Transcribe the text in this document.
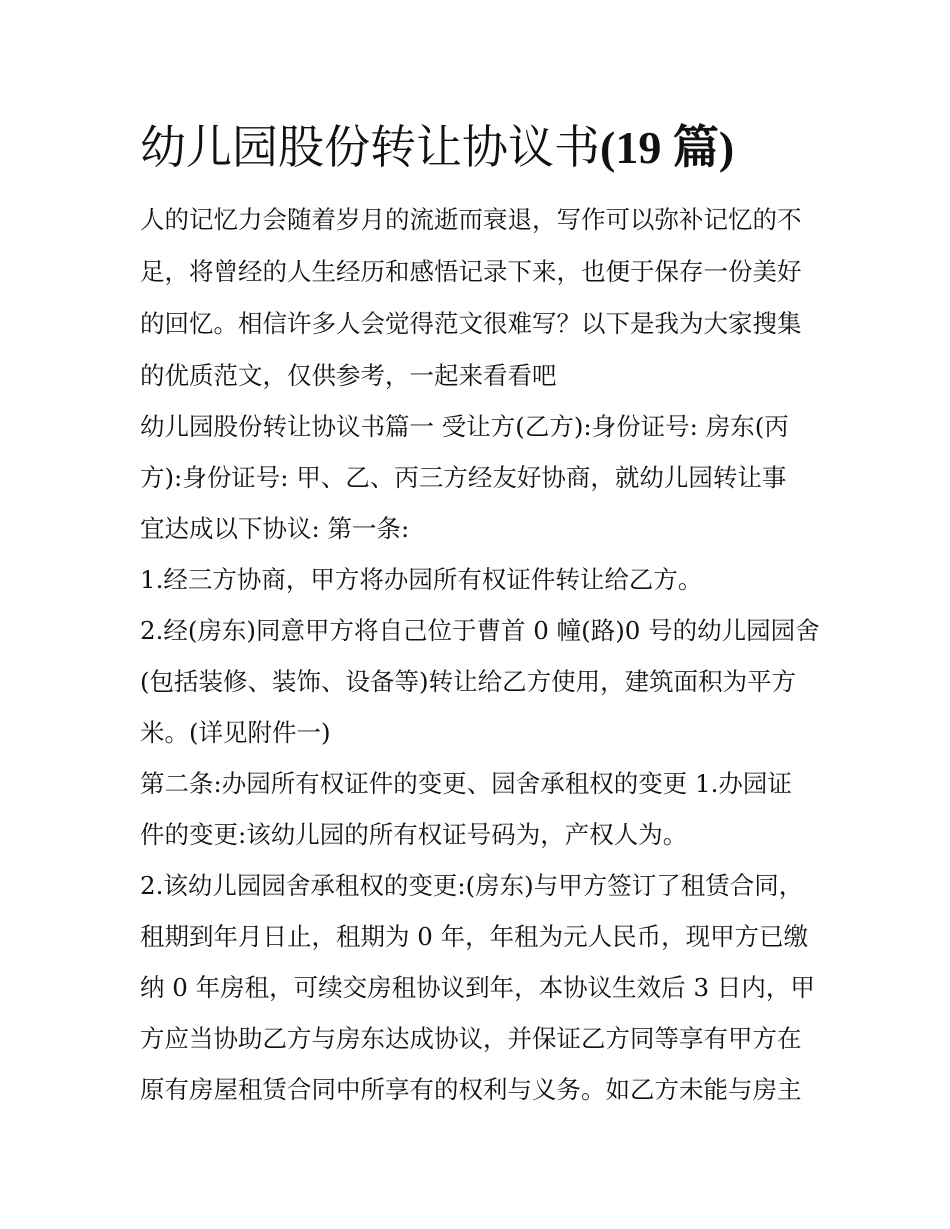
幼儿园股份转让协议书(19 篇)
人的记忆力会随着岁月的流逝而衰退，写作可以弥补记忆的不
足，将曾经的人生经历和感悟记录下来，也便于保存一份美好
的回忆。相信许多人会觉得范文很难写？以下是我为大家搜集
的优质范文，仅供参考，一起来看看吧
幼儿园股份转让协议书篇一 受让方(乙方):身份证号: 房东(丙
方):身份证号: 甲、乙、丙三方经友好协商，就幼儿园转让事
宜达成以下协议: 第一条:
1.经三方协商，甲方将办园所有权证件转让给乙方。
2.经(房东)同意甲方将自己位于曹首 0 幢(路)0 号的幼儿园园舍
(包括装修、装饰、设备等)转让给乙方使用，建筑面积为平方
米。(详见附件一)
第二条:办园所有权证件的变更、园舍承租权的变更 1.办园证
件的变更:该幼儿园的所有权证号码为，产权人为。
2.该幼儿园园舍承租权的变更:(房东)与甲方签订了租赁合同，
租期到年月日止，租期为 0 年，年租为元人民币，现甲方已缴
纳 0 年房租，可续交房租协议到年，本协议生效后 3 日内，甲
方应当协助乙方与房东达成协议，并保证乙方同等享有甲方在
原有房屋租赁合同中所享有的权利与义务。如乙方未能与房主
